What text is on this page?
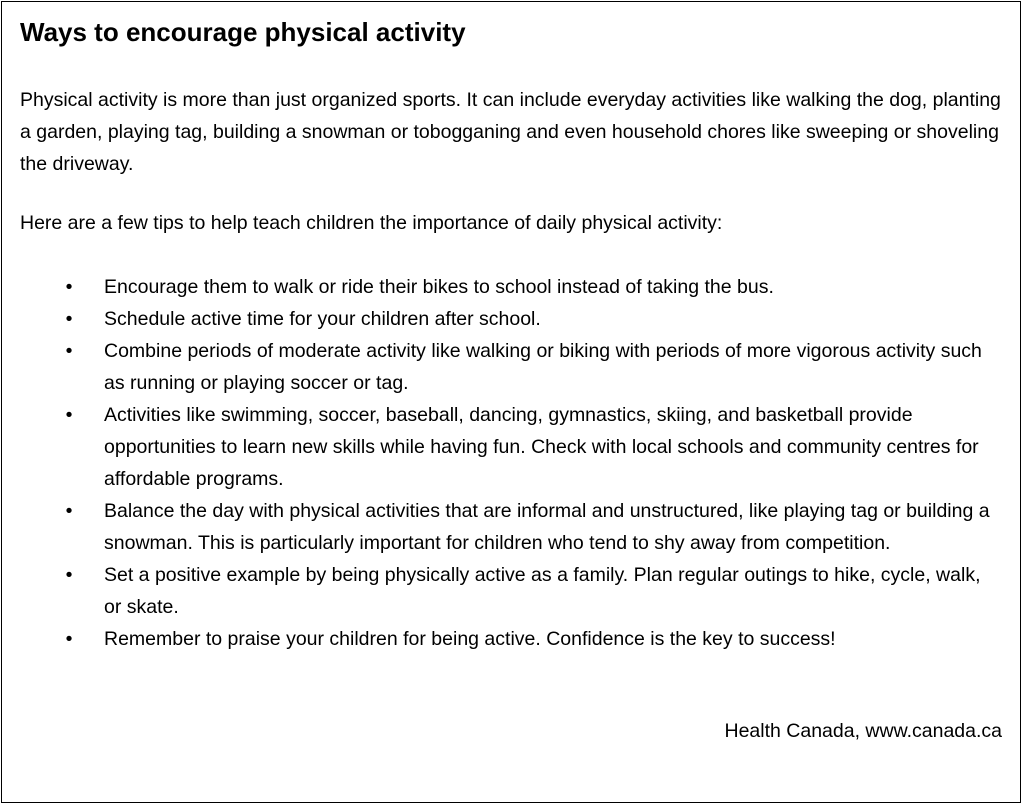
Ways to encourage physical activity

Physical activity is more than just organized sports. It can include everyday activities like walking the dog, planting a garden, playing tag, building a snowman or tobogganing and even household chores like sweeping or shoveling the driveway.

Here are a few tips to help teach children the importance of daily physical activity:

• Encourage them to walk or ride their bikes to school instead of taking the bus.
• Schedule active time for your children after school.
• Combine periods of moderate activity like walking or biking with periods of more vigorous activity such as running or playing soccer or tag.
• Activities like swimming, soccer, baseball, dancing, gymnastics, skiing, and basketball provide opportunities to learn new skills while having fun. Check with local schools and community centres for affordable programs.
• Balance the day with physical activities that are informal and unstructured, like playing tag or building a snowman. This is particularly important for children who tend to shy away from competition.
• Set a positive example by being physically active as a family. Plan regular outings to hike, cycle, walk, or skate.
• Remember to praise your children for being active. Confidence is the key to success!

Health Canada, www.canada.ca
